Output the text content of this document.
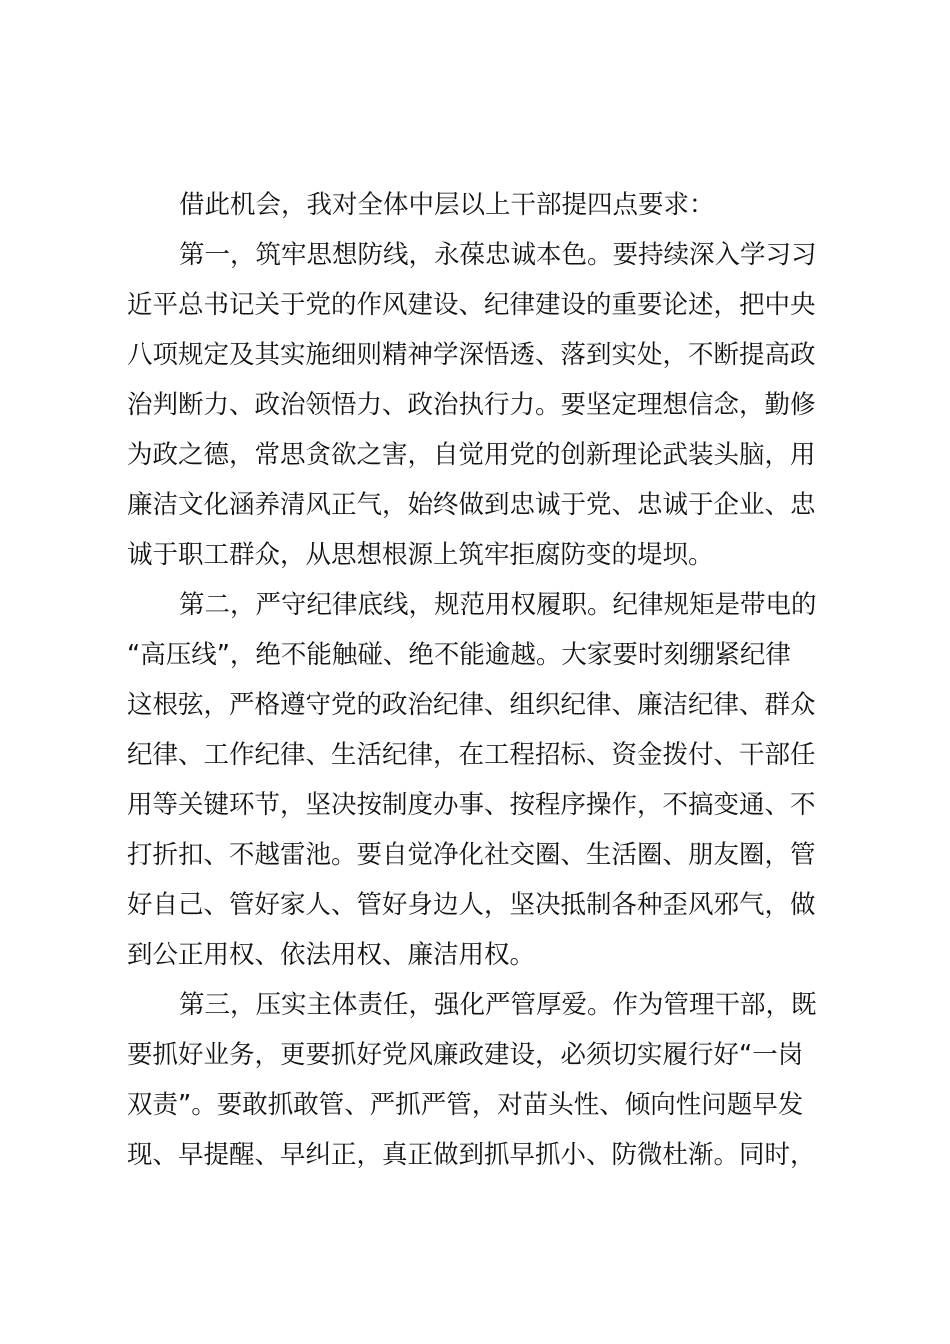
借此机会，我对全体中层以上干部提四点要求：
第一，筑牢思想防线，永葆忠诚本色。要持续深入学习习
近平总书记关于党的作风建设、纪律建设的重要论述，把中央
八项规定及其实施细则精神学深悟透、落到实处，不断提高政
治判断力、政治领悟力、政治执行力。要坚定理想信念，勤修
为政之德，常思贪欲之害，自觉用党的创新理论武装头脑，用
廉洁文化涵养清风正气，始终做到忠诚于党、忠诚于企业、忠
诚于职工群众，从思想根源上筑牢拒腐防变的堤坝。
第二，严守纪律底线，规范用权履职。纪律规矩是带电的
“高压线”，绝不能触碰、绝不能逾越。大家要时刻绷紧纪律
这根弦，严格遵守党的政治纪律、组织纪律、廉洁纪律、群众
纪律、工作纪律、生活纪律，在工程招标、资金拨付、干部任
用等关键环节，坚决按制度办事、按程序操作，不搞变通、不
打折扣、不越雷池。要自觉净化社交圈、生活圈、朋友圈，管
好自己、管好家人、管好身边人，坚决抵制各种歪风邪气，做
到公正用权、依法用权、廉洁用权。
第三，压实主体责任，强化严管厚爱。作为管理干部，既
要抓好业务，更要抓好党风廉政建设，必须切实履行好“一岗
双责”。要敢抓敢管、严抓严管，对苗头性、倾向性问题早发
现、早提醒、早纠正，真正做到抓早抓小、防微杜渐。同时，
